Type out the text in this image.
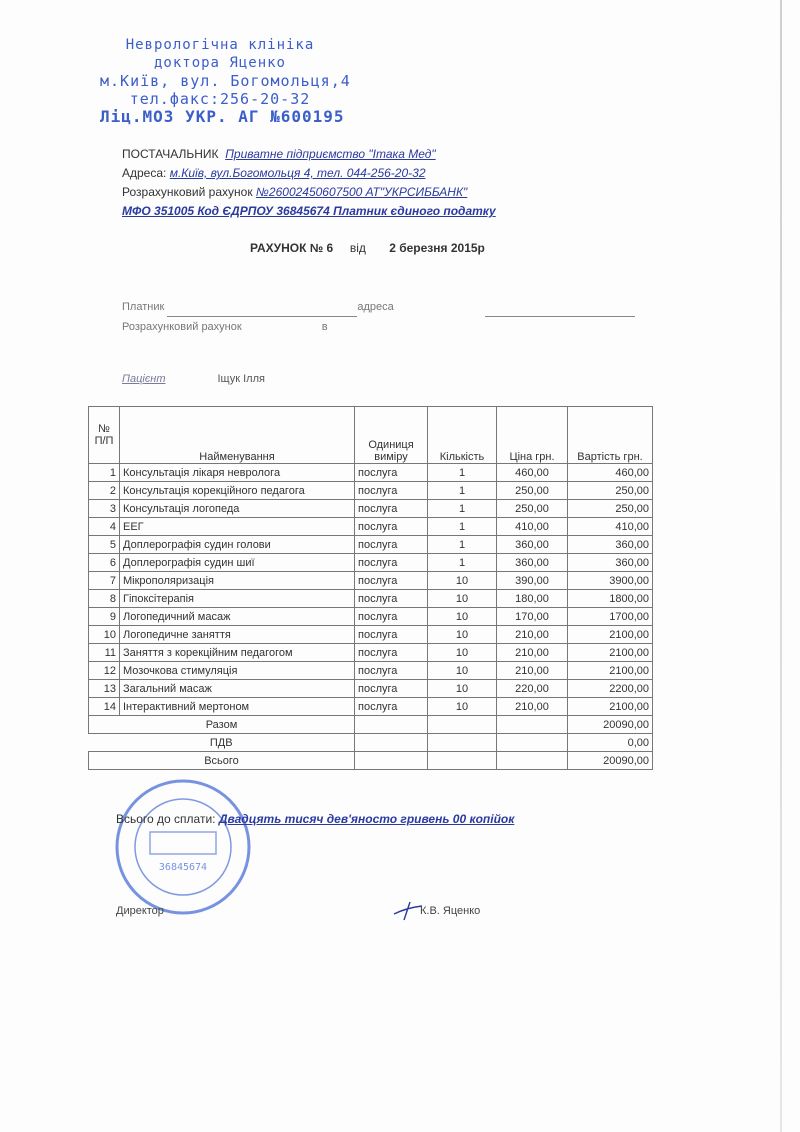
Неврологічна клініка
доктора Яценко
м.Київ, вул. Богомольця,4
тел.факс:256-20-32
Ліц.МОЗ УКР. АГ №600195
ПОСТАЧАЛЬНИК Приватне підприємство "Ітака Мед"
Адреса: м.Київ, вул.Богомольця 4, тел. 044-256-20-32
Розрахунковий рахунок №26002450607500 АТ"УКРСИББАНК"
МФО 351005 Код ЄДРПОУ 36845674 Платник єдиного податку
РАХУНОК № 6 від 2 березня 2015р
Платник	адреса
Розрахунковий рахунок	в
Пацієнт	Іщук Ілля
№ П/П	Найменування	Одиниця виміру	Кількість	Ціна грн.	Вартість грн.
1	Консультація лікаря невролога	послуга	1	460,00	460,00
2	Консультація корекційного педагога	послуга	1	250,00	250,00
3	Консультація логопеда	послуга	1	250,00	250,00
4	ЕЕГ	послуга	1	410,00	410,00
5	Доплерографія судин голови	послуга	1	360,00	360,00
6	Доплерографія судин шиї	послуга	1	360,00	360,00
7	Мікрополяризація	послуга	10	390,00	3900,00
8	Гіпоксітерапія	послуга	10	180,00	1800,00
9	Логопедичний масаж	послуга	10	170,00	1700,00
10	Логопедичне заняття	послуга	10	210,00	2100,00
11	Заняття з корекційним педагогом	послуга	10	210,00	2100,00
12	Мозочкова стимуляція	послуга	10	210,00	2100,00
13	Загальний масаж	послуга	10	220,00	2200,00
14	Інтерактивний мертоном	послуга	10	210,00	2100,00
Разом					20090,00
ПДВ					0,00
Всього					20090,00
36845674
Всього до сплати: Двадцять тисяч дев'яносто гривень 00 копійок
Директор	К.В. Яценко
